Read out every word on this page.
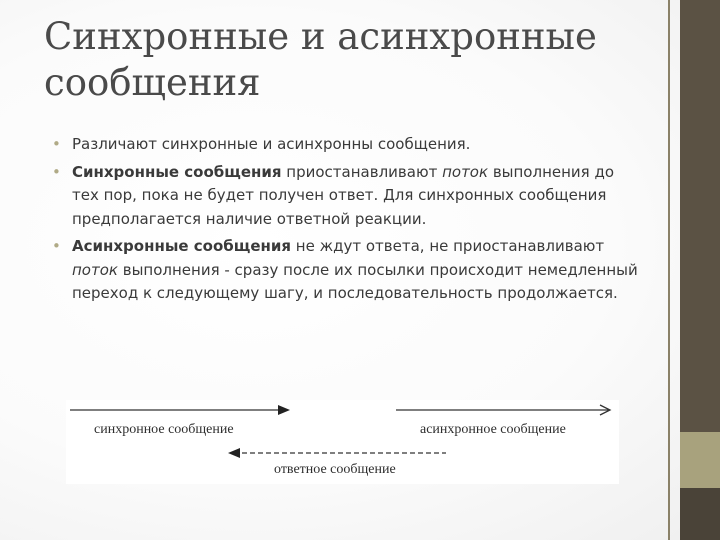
Синхронные и асинхронные сообщения
• Различают синхронные и асинхронны сообщения.
• Синхронные сообщения приостанавливают поток выполнения до тех пор, пока не будет получен ответ. Для синхронных сообщения предполагается наличие ответной реакции.
• Асинхронные сообщения не ждут ответа, не приостанавливают поток выполнения - сразу после их посылки происходит немедленный переход к следующему шагу, и последовательность продолжается.
синхронное сообщение	асинхронное сообщение
ответное сообщение
